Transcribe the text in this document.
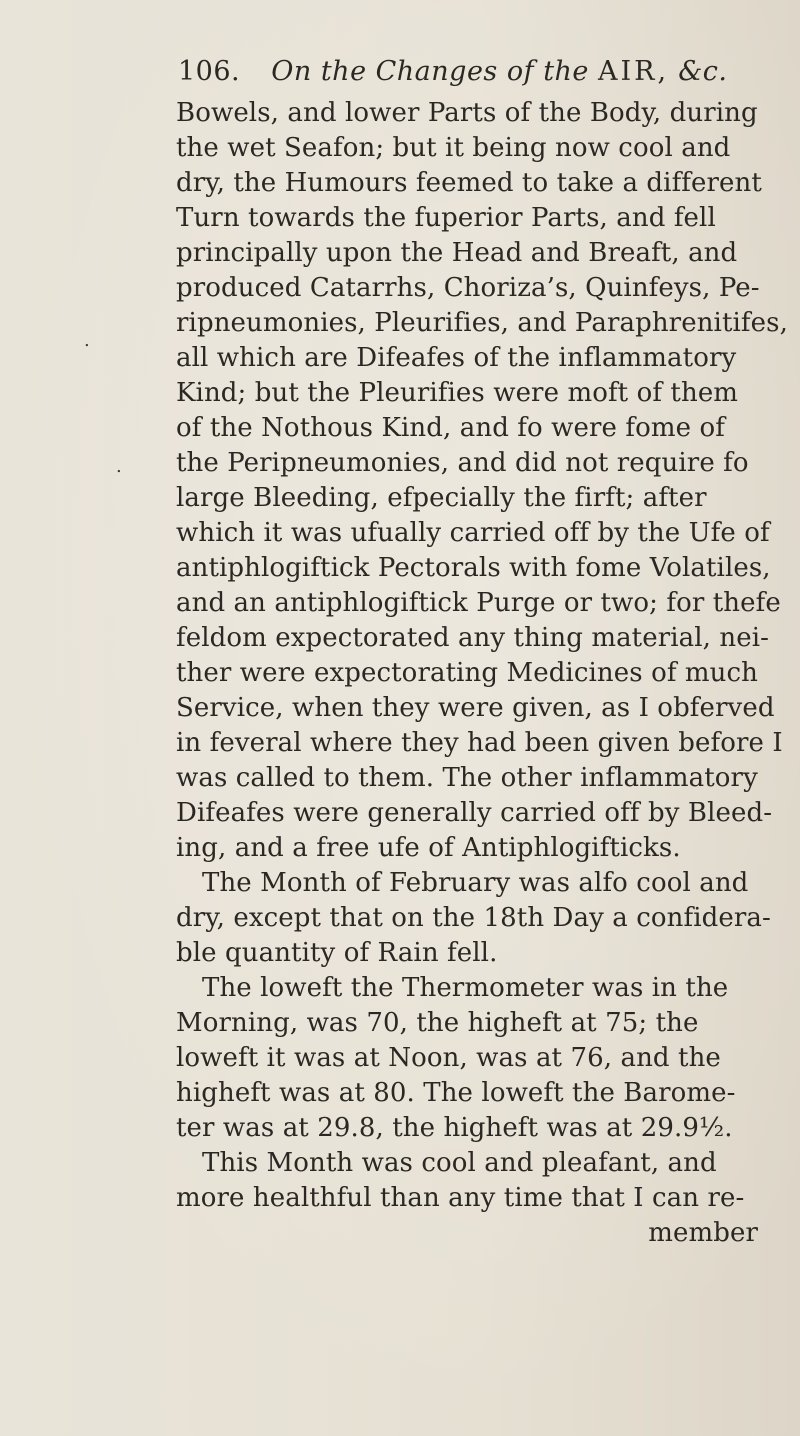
106. On the Changes of the AIR, &c.
.
.
Bowels, and lower Parts of the Body, during
the wet Seafon; but it being now cool and
dry, the Humours feemed to take a different
Turn towards the fuperior Parts, and fell
principally upon the Head and Breaft, and
produced Catarrhs, Choriza’s, Quinfeys, Pe-
ripneumonies, Pleurifies, and Paraphrenitifes,
all which are Difeafes of the inflammatory
Kind; but the Pleurifies were moft of them
of the Nothous Kind, and fo were fome of
the Peripneumonies, and did not require fo
large Bleeding, efpecially the firft; after
which it was ufually carried off by the Ufe of
antiphlogiftick Pectorals with fome Volatiles,
and an antiphlogiftick Purge or two; for thefe
feldom expectorated any thing material, nei-
ther were expectorating Medicines of much
Service, when they were given, as I obferved
in feveral where they had been given before I
was called to them. The other inflammatory
Difeafes were generally carried off by Bleed-
ing, and a free ufe of Antiphlogifticks.
The Month of February was alfo cool and
dry, except that on the 18th Day a confidera-
ble quantity of Rain fell.
The loweft the Thermometer was in the
Morning, was 70, the higheft at 75; the
loweft it was at Noon, was at 76, and the
higheft was at 80. The loweft the Barome-
ter was at 29.8, the higheft was at 29.9½.
This Month was cool and pleafant, and
more healthful than any time that I can re-
member
